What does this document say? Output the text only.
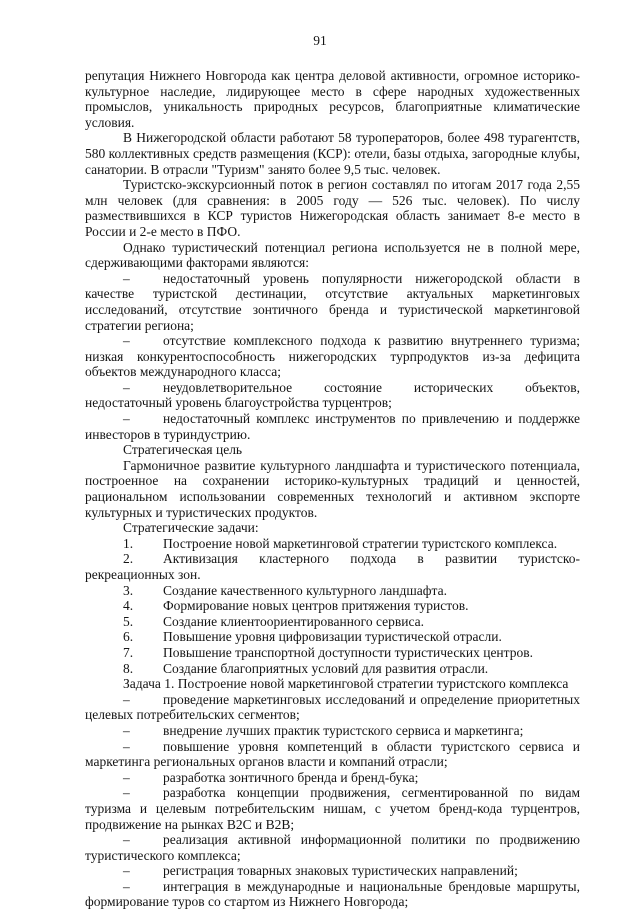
91

репутация Нижнего Новгорода как центра деловой активности, огромное историко-культурное наследие, лидирующее место в сфере народных художественных промыслов, уникальность природных ресурсов, благоприятные климатические условия.

В Нижегородской области работают 58 туроператоров, более 498 турагентств, 580 коллективных средств размещения (КСР): отели, базы отдыха, загородные клубы, санатории. В отрасли "Туризм" занято более 9,5 тыс. человек.

Туристско-экскурсионный поток в регион составлял по итогам 2017 года 2,55 млн человек (для сравнения: в 2005 году — 526 тыс. человек). По числу размествившихся в КСР туристов Нижегородская область занимает 8-е место в России и 2-е место в ПФО.

Однако туристический потенциал региона используется не в полной мере, сдерживающими факторами являются:

– недостаточный уровень популярности нижегородской области в качестве туристской дестинации, отсутствие актуальных маркетинговых исследований, отсутствие зонтичного бренда и туристической маркетинговой стратегии региона;

– отсутствие комплексного подхода к развитию внутреннего туризма; низкая конкурентоспособность нижегородских турпродуктов из-за дефицита объектов международного класса;

– неудовлетворительное состояние исторических объектов, недостаточный уровень благоустройства турцентров;

– недостаточный комплекс инструментов по привлечению и поддержке инвесторов в туриндустрию.

Стратегическая цель

Гармоничное развитие культурного ландшафта и туристического потенциала, построенное на сохранении историко-культурных традиций и ценностей, рациональном использовании современных технологий и активном экспорте культурных и туристических продуктов.

Стратегические задачи:

1. Построение новой маркетинговой стратегии туристского комплекса.

2. Активизация кластерного подхода в развитии туристско-рекреационных зон.

3. Создание качественного культурного ландшафта.

4. Формирование новых центров притяжения туристов.

5. Создание клиентоориентированного сервиса.

6. Повышение уровня цифровизации туристической отрасли.

7. Повышение транспортной доступности туристических центров.

8. Создание благоприятных условий для развития отрасли.

Задача 1. Построение новой маркетинговой стратегии туристского комплекса

– проведение маркетинговых исследований и определение приоритетных целевых потребительских сегментов;

– внедрение лучших практик туристского сервиса и маркетинга;

– повышение уровня компетенций в области туристского сервиса и маркетинга региональных органов власти и компаний отрасли;

– разработка зонтичного бренда и бренд-бука;

– разработка концепции продвижения, сегментированной по видам туризма и целевым потребительским нишам, с учетом бренд-кода турцентров, продвижение на рынках B2C и B2B;

– реализация активной информационной политики по продвижению туристического комплекса;

– регистрация товарных знаковых туристических направлений;

– интеграция в международные и национальные брендовые маршруты, формирование туров со стартом из Нижнего Новгорода;
